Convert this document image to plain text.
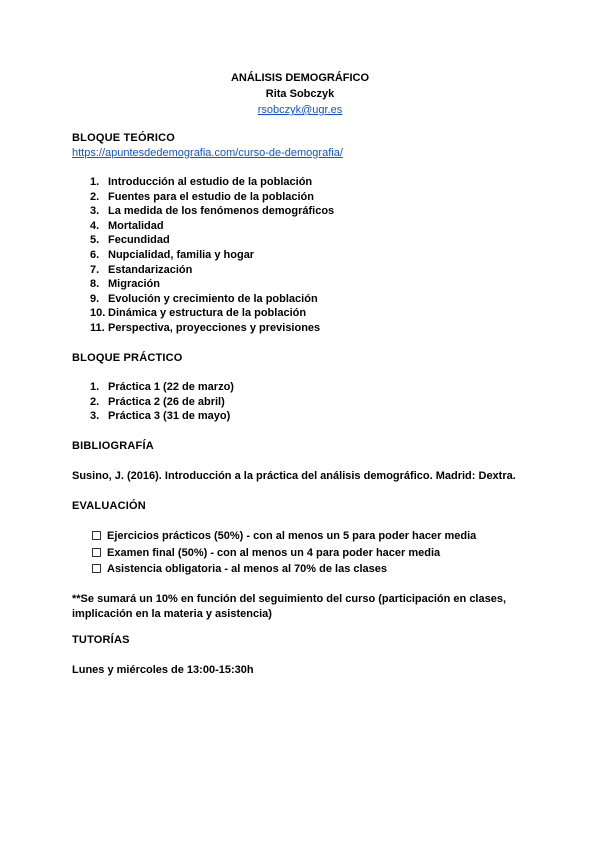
ANÁLISIS DEMOGRÁFICO
Rita Sobczyk
rsobczyk@ugr.es
BLOQUE TEÓRICO
https://apuntesdedemografia.com/curso-de-demografia/
1. Introducción al estudio de la población
2. Fuentes para el estudio de la población
3. La medida de los fenómenos demográficos
4. Mortalidad
5. Fecundidad
6. Nupcialidad, familia y hogar
7. Estandarización
8. Migración
9. Evolución y crecimiento de la población
10. Dinámica y estructura de la población
11. Perspectiva, proyecciones y previsiones
BLOQUE PRÁCTICO
1. Práctica 1 (22 de marzo)
2. Práctica 2 (26 de abril)
3. Práctica 3 (31 de mayo)
BIBLIOGRAFÍA
Susino, J. (2016). Introducción a la práctica del análisis demográfico. Madrid: Dextra.
EVALUACIÓN
Ejercicios prácticos (50%) - con al menos un 5 para poder hacer media
Examen final (50%) - con al menos un 4 para poder hacer media
Asistencia obligatoria - al menos al 70% de las clases
**Se sumará un 10% en función del seguimiento del curso (participación en clases, implicación en la materia y asistencia)
TUTORÍAS
Lunes y miércoles de 13:00-15:30h
